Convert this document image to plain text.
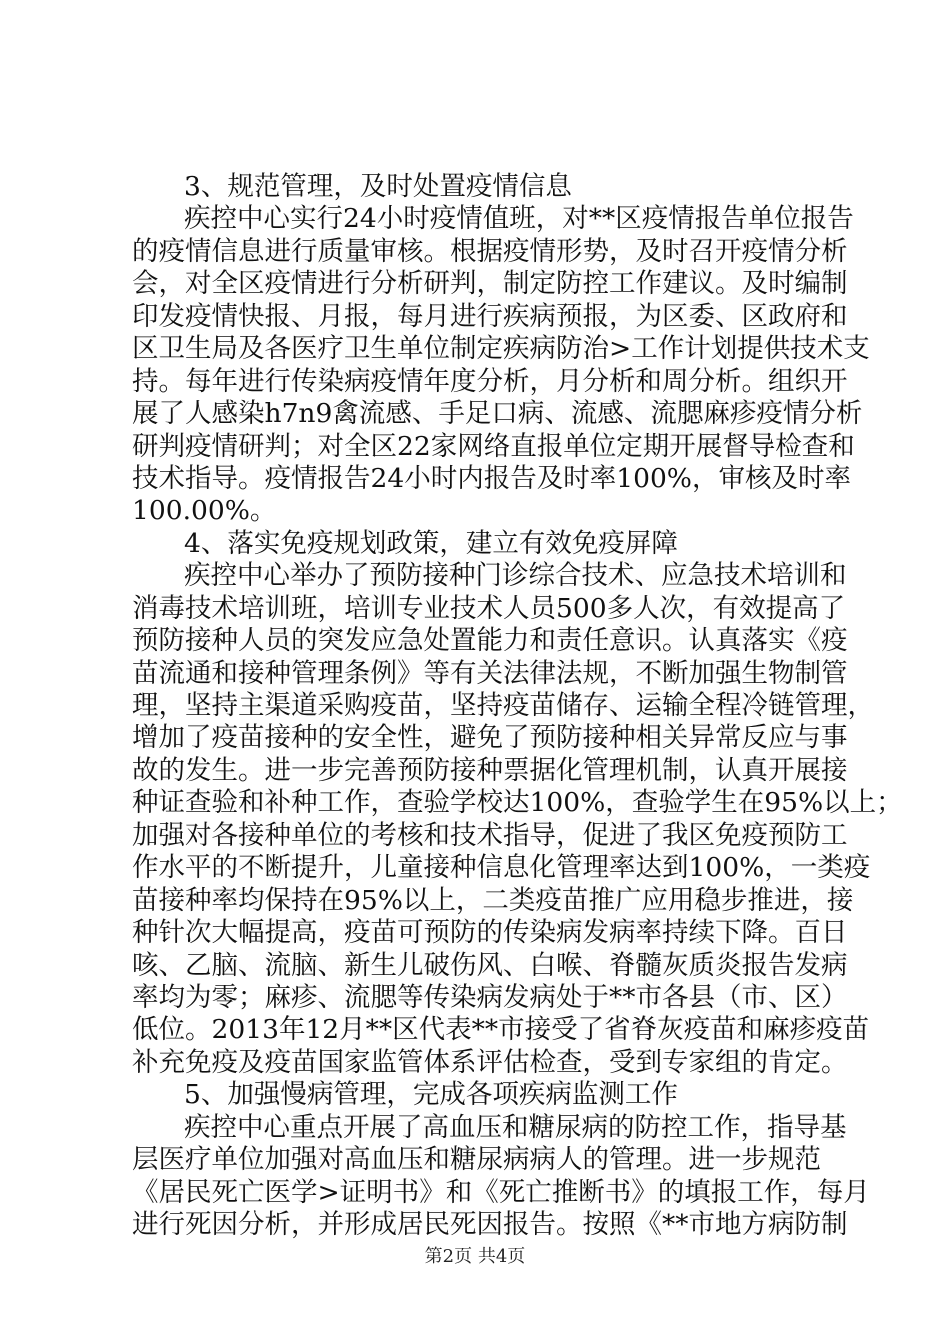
3、规范管理，及时处置疫情信息
疾控中心实行24小时疫情值班，对**区疫情报告单位报告
的疫情信息进行质量审核。根据疫情形势，及时召开疫情分析
会，对全区疫情进行分析研判，制定防控工作建议。及时编制
印发疫情快报、月报，每月进行疾病预报，为区委、区政府和
区卫生局及各医疗卫生单位制定疾病防治>工作计划提供技术支
持。每年进行传染病疫情年度分析，月分析和周分析。组织开
展了人感染h7n9禽流感、手足口病、流感、流腮麻疹疫情分析
研判疫情研判；对全区22家网络直报单位定期开展督导检查和
技术指导。疫情报告24小时内报告及时率100%，审核及时率
100.00%。
4、落实免疫规划政策，建立有效免疫屏障
疾控中心举办了预防接种门诊综合技术、应急技术培训和
消毒技术培训班，培训专业技术人员500多人次，有效提高了
预防接种人员的突发应急处置能力和责任意识。认真落实《疫
苗流通和接种管理条例》等有关法律法规，不断加强生物制管
理，坚持主渠道采购疫苗，坚持疫苗储存、运输全程冷链管理，
增加了疫苗接种的安全性，避免了预防接种相关异常反应与事
故的发生。进一步完善预防接种票据化管理机制，认真开展接
种证查验和补种工作，查验学校达100%，查验学生在95%以上；
加强对各接种单位的考核和技术指导，促进了我区免疫预防工
作水平的不断提升，儿童接种信息化管理率达到100%，一类疫
苗接种率均保持在95%以上，二类疫苗推广应用稳步推进，接
种针次大幅提高，疫苗可预防的传染病发病率持续下降。百日
咳、乙脑、流脑、新生儿破伤风、白喉、脊髓灰质炎报告发病
率均为零；麻疹、流腮等传染病发病处于**市各县（市、区）
低位。2013年12月**区代表**市接受了省脊灰疫苗和麻疹疫苗
补充免疫及疫苗国家监管体系评估检查，受到专家组的肯定。
5、加强慢病管理，完成各项疾病监测工作
疾控中心重点开展了高血压和糖尿病的防控工作，指导基
层医疗单位加强对高血压和糖尿病病人的管理。进一步规范
《居民死亡医学>证明书》和《死亡推断书》的填报工作，每月
进行死因分析，并形成居民死因报告。按照《**市地方病防制
第2页 共4页
